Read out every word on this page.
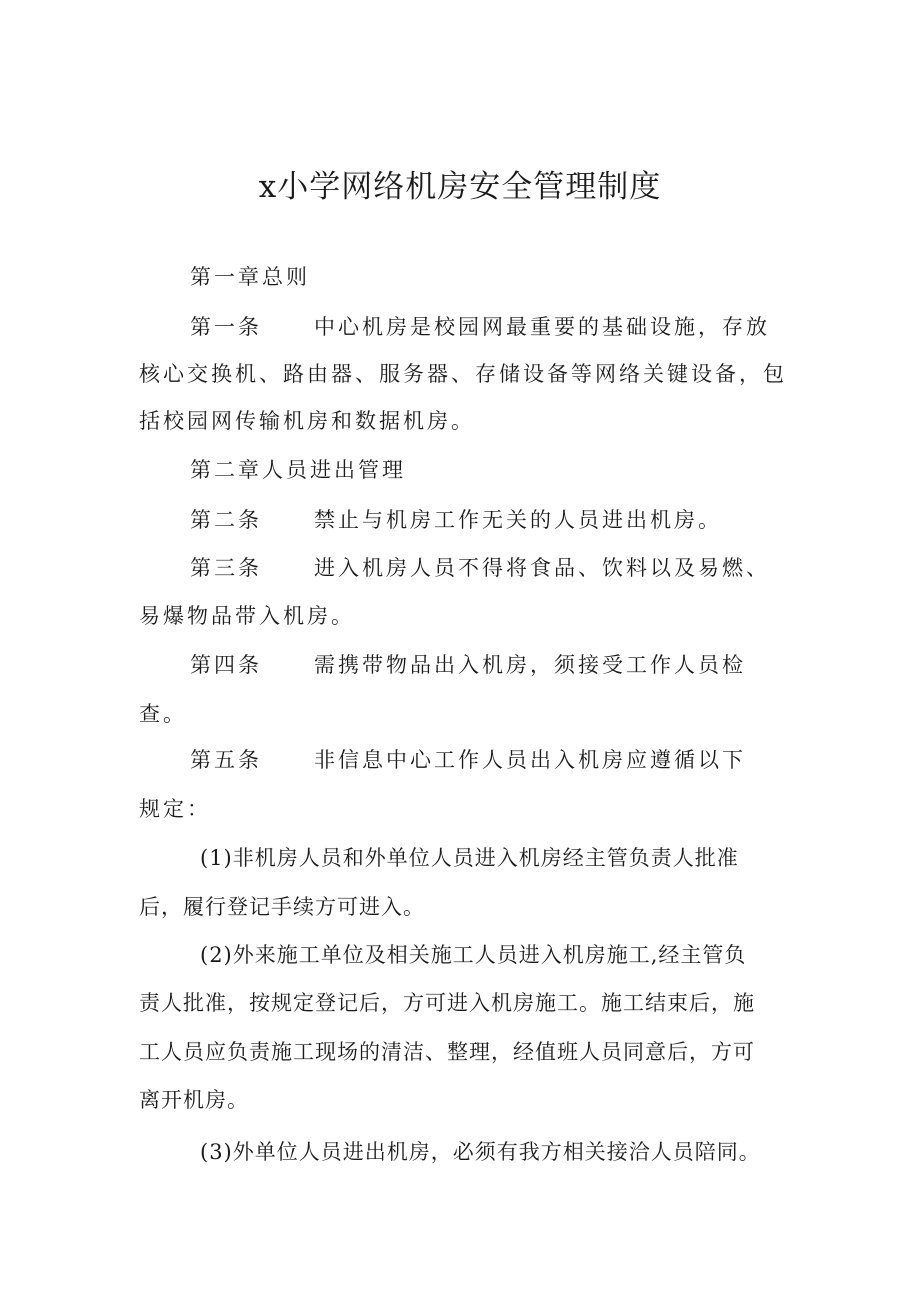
x小学网络机房安全管理制度
第一章总则
第一条 中心机房是校园网最重要的基础设施，存放
核心交换机、路由器、服务器、存储设备等网络关键设备，包
括校园网传输机房和数据机房。
第二章人员进出管理
第二条 禁止与机房工作无关的人员进出机房。
第三条 进入机房人员不得将食品、饮料以及易燃、
易爆物品带入机房。
第四条 需携带物品出入机房，须接受工作人员检
查。
第五条 非信息中心工作人员出入机房应遵循以下
规定：
(1)非机房人员和外单位人员进入机房经主管负责人批准
后，履行登记手续方可进入。
(2)外来施工单位及相关施工人员进入机房施工,经主管负
责人批准，按规定登记后，方可进入机房施工。施工结束后，施
工人员应负责施工现场的清洁、整理，经值班人员同意后，方可
离开机房。
(3)外单位人员进出机房，必须有我方相关接洽人员陪同。
